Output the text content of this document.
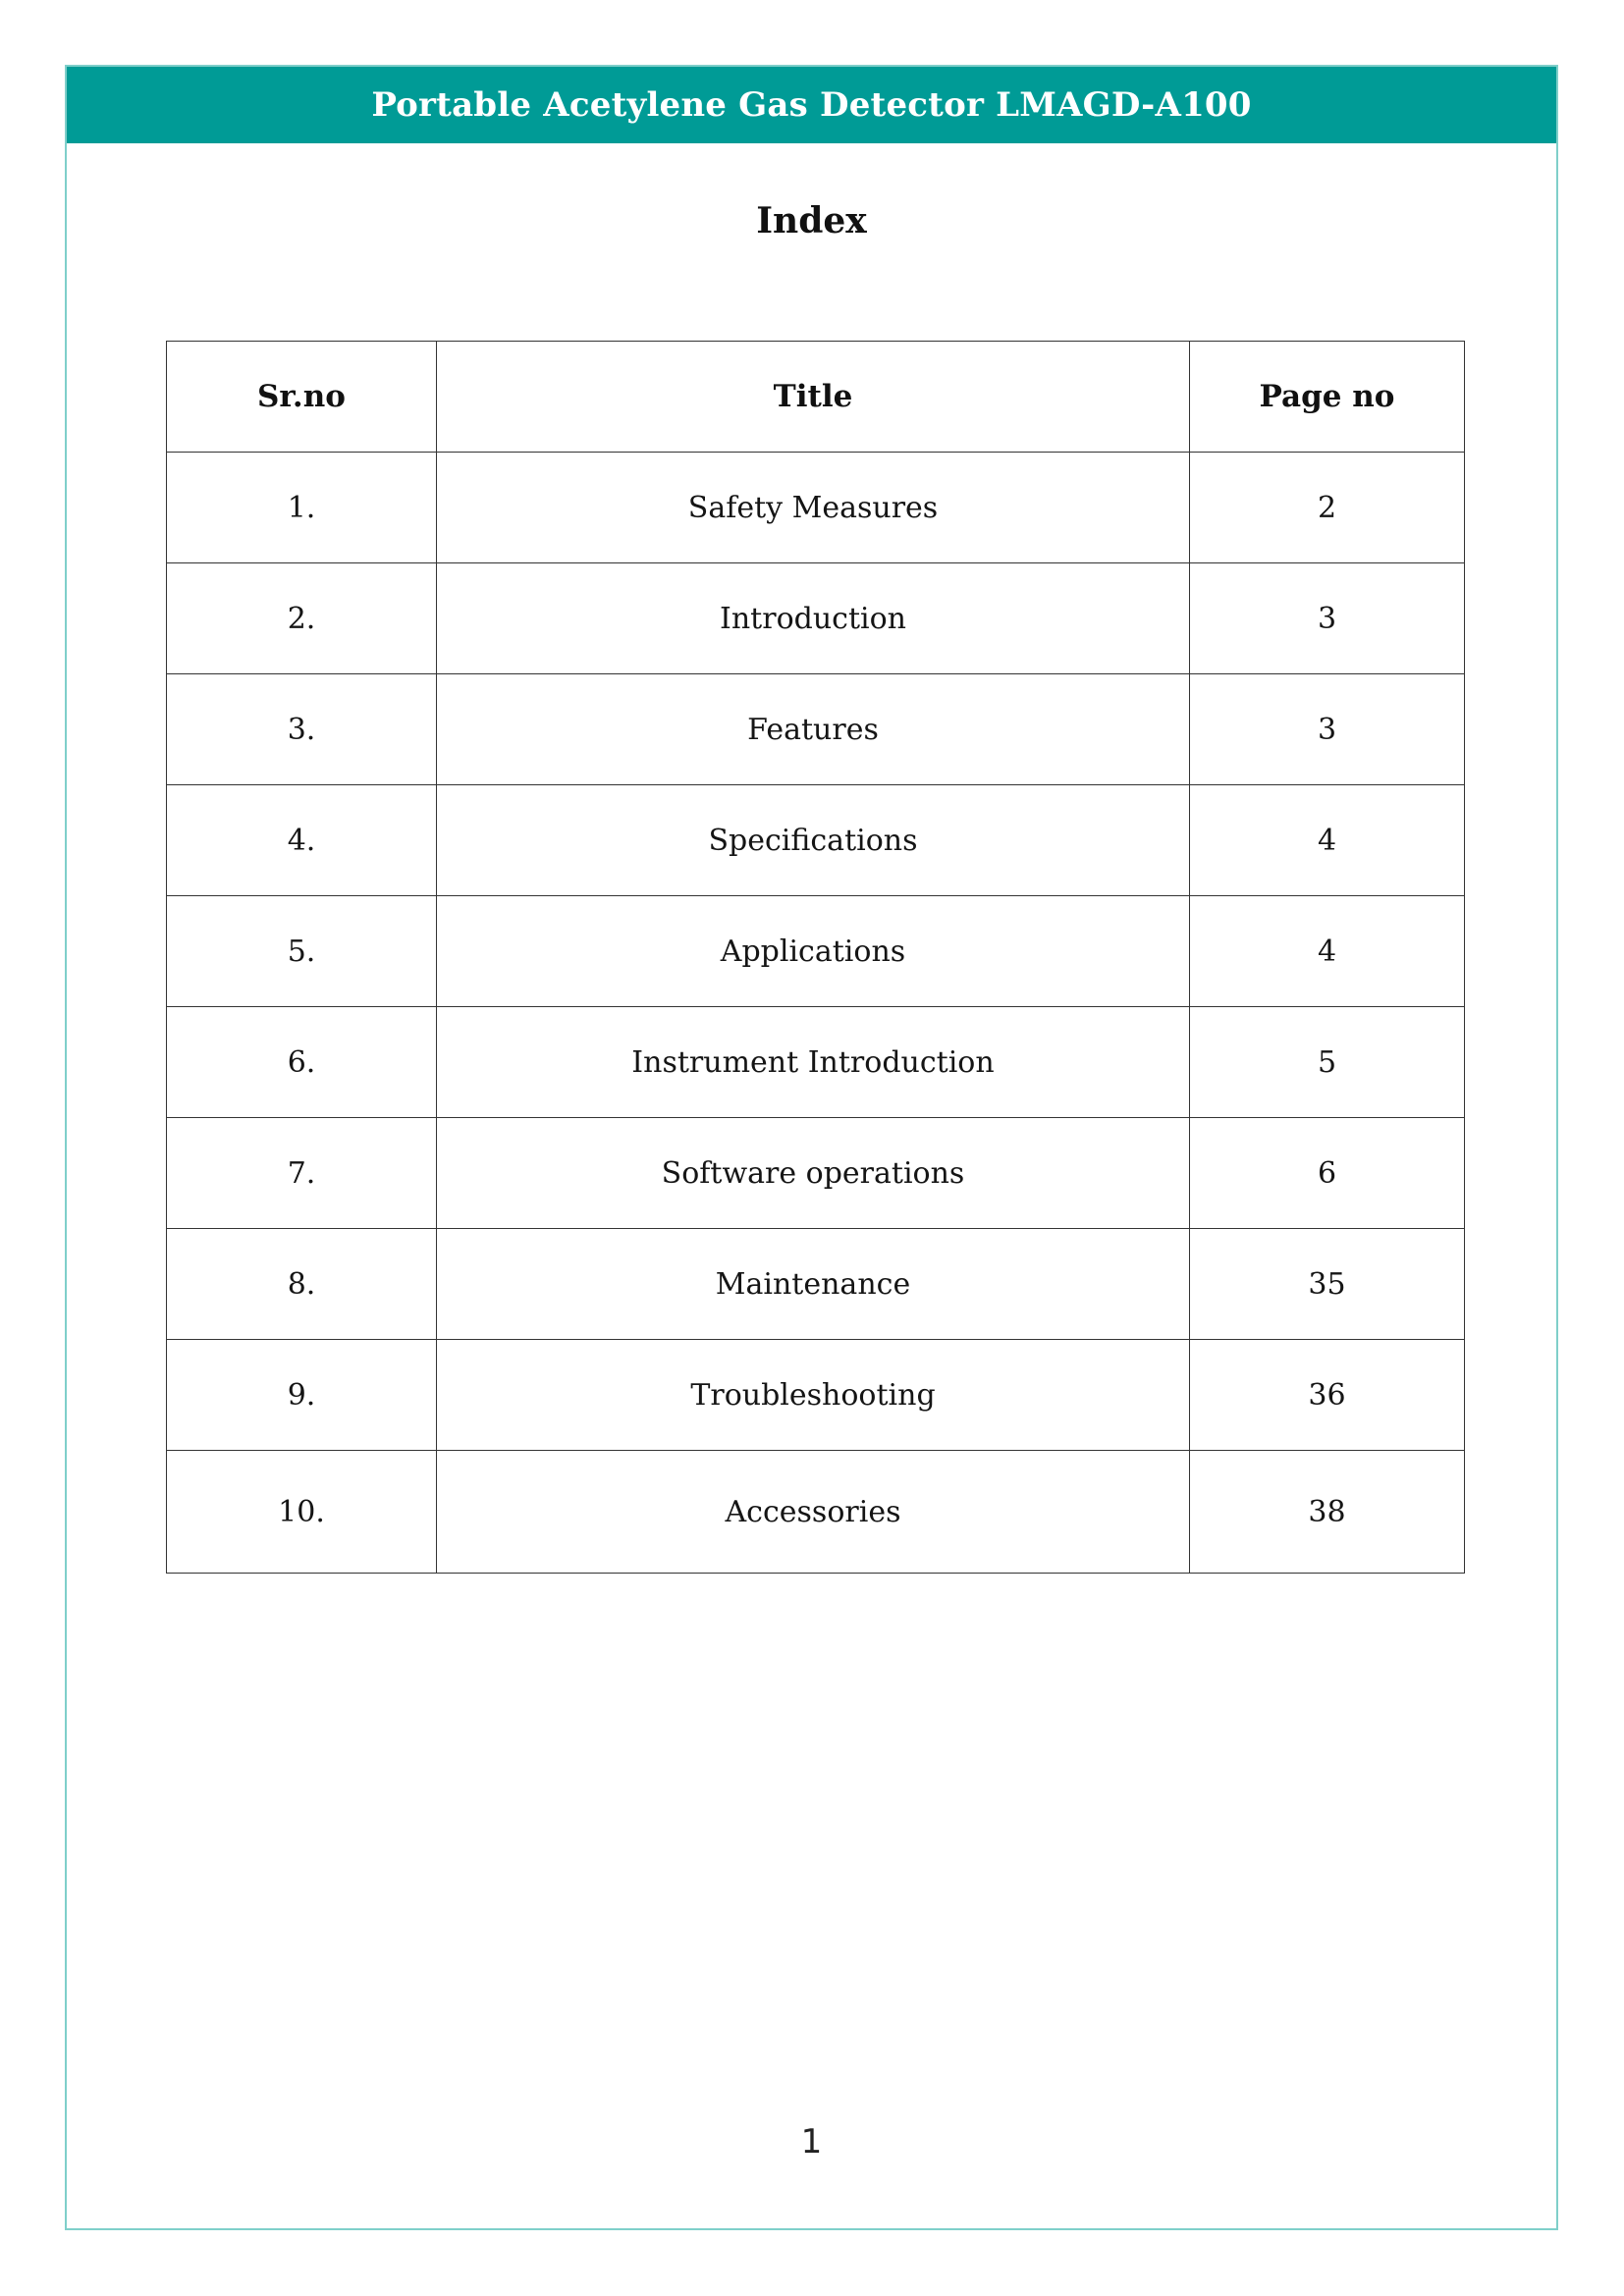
Portable Acetylene Gas Detector LMAGD-A100
Index
Sr.no	Title	Page no
1.	Safety Measures	2
2.	Introduction	3
3.	Features	3
4.	Specifications	4
5.	Applications	4
6.	Instrument Introduction	5
7.	Software operations	6
8.	Maintenance	35
9.	Troubleshooting	36
10.	Accessories	38
1
